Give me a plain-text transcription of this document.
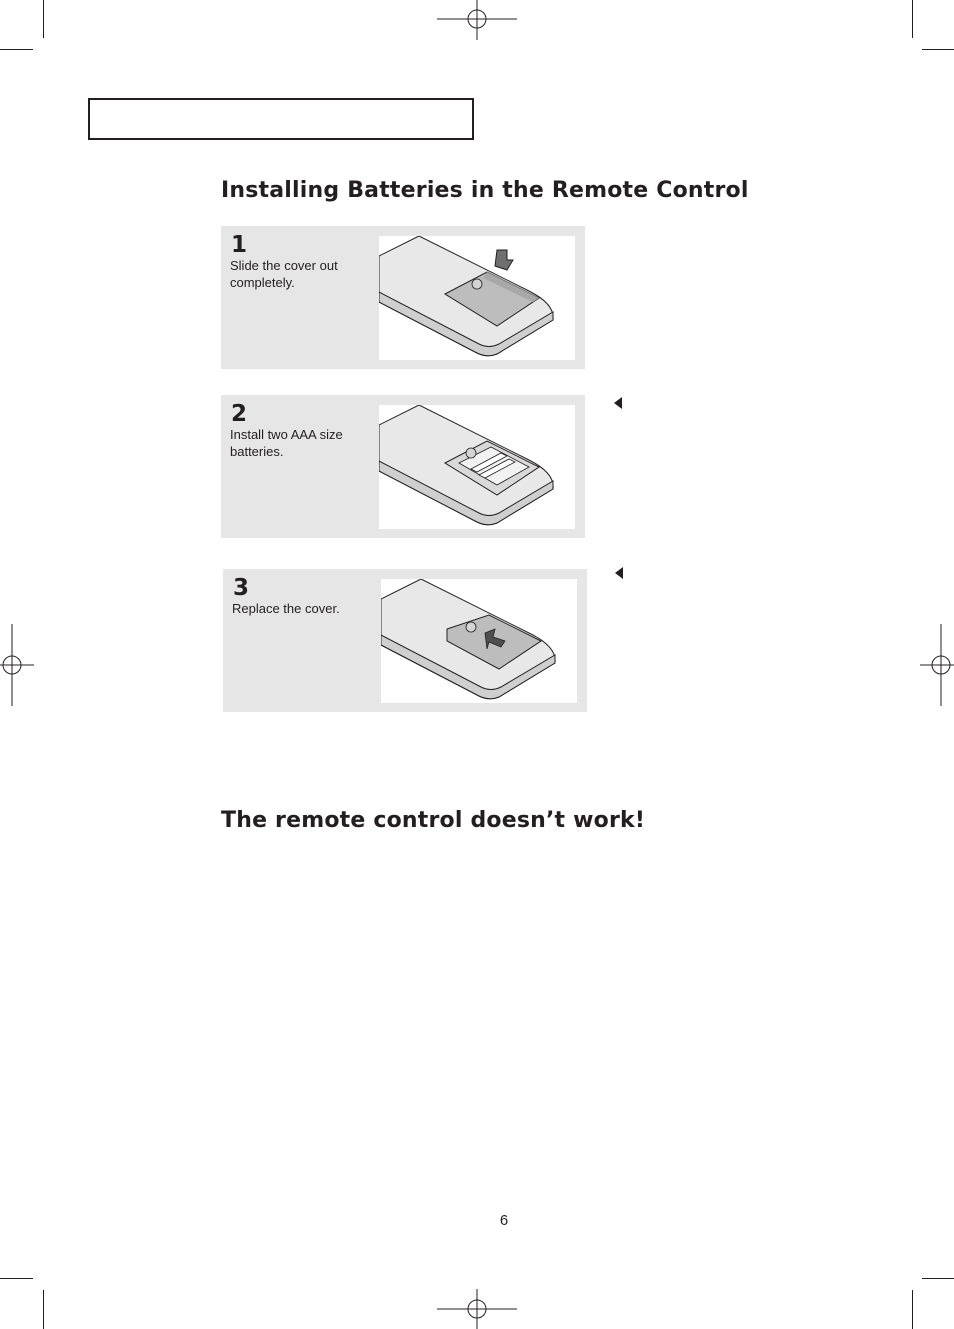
Installing Batteries in the Remote Control
1
Slide the cover out completely.
2
Install two AAA size batteries.
3
Replace the cover.
The remote control doesn’t work!
6
